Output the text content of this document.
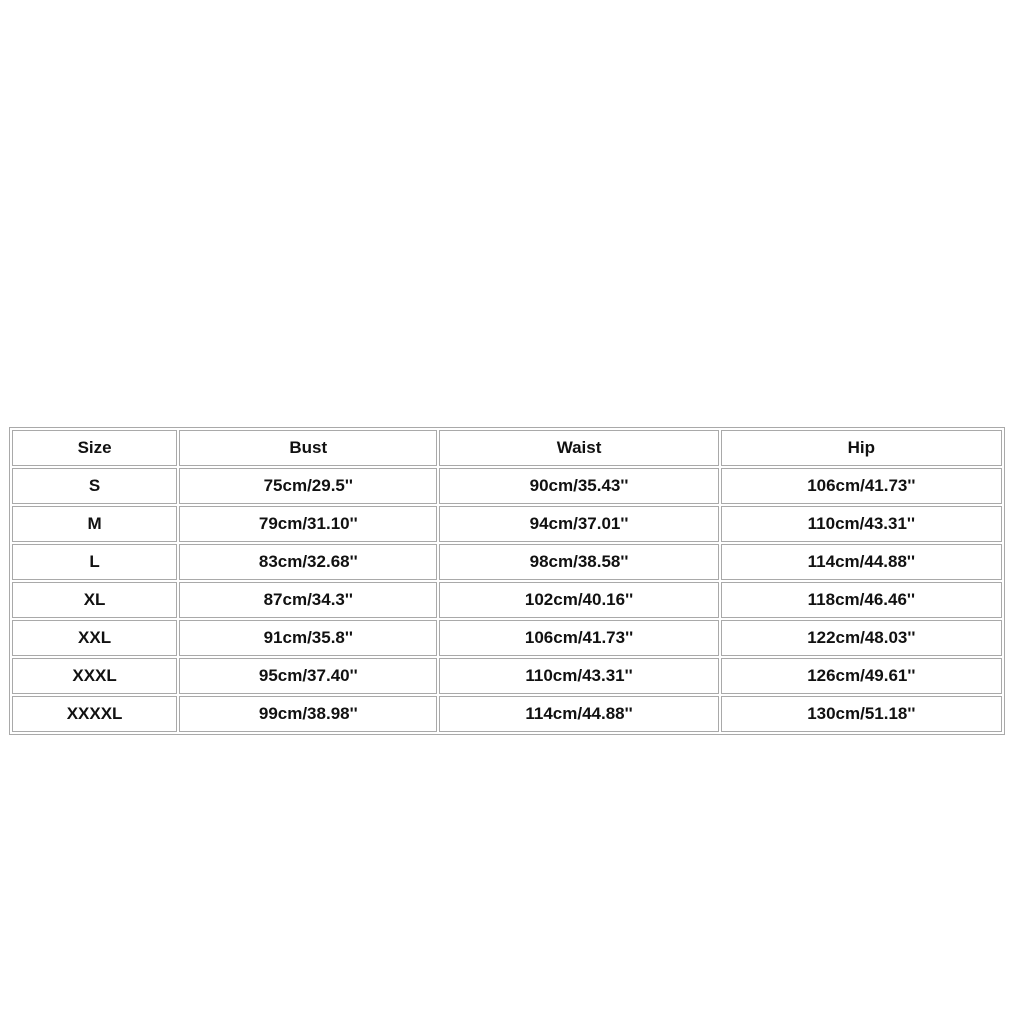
Size	Bust	Waist	Hip
S	75cm/29.5''	90cm/35.43''	106cm/41.73''
M	79cm/31.10''	94cm/37.01''	110cm/43.31''
L	83cm/32.68''	98cm/38.58''	114cm/44.88''
XL	87cm/34.3''	102cm/40.16''	118cm/46.46''
XXL	91cm/35.8''	106cm/41.73''	122cm/48.03''
XXXL	95cm/37.40''	110cm/43.31''	126cm/49.61''
XXXXL	99cm/38.98''	114cm/44.88''	130cm/51.18''
